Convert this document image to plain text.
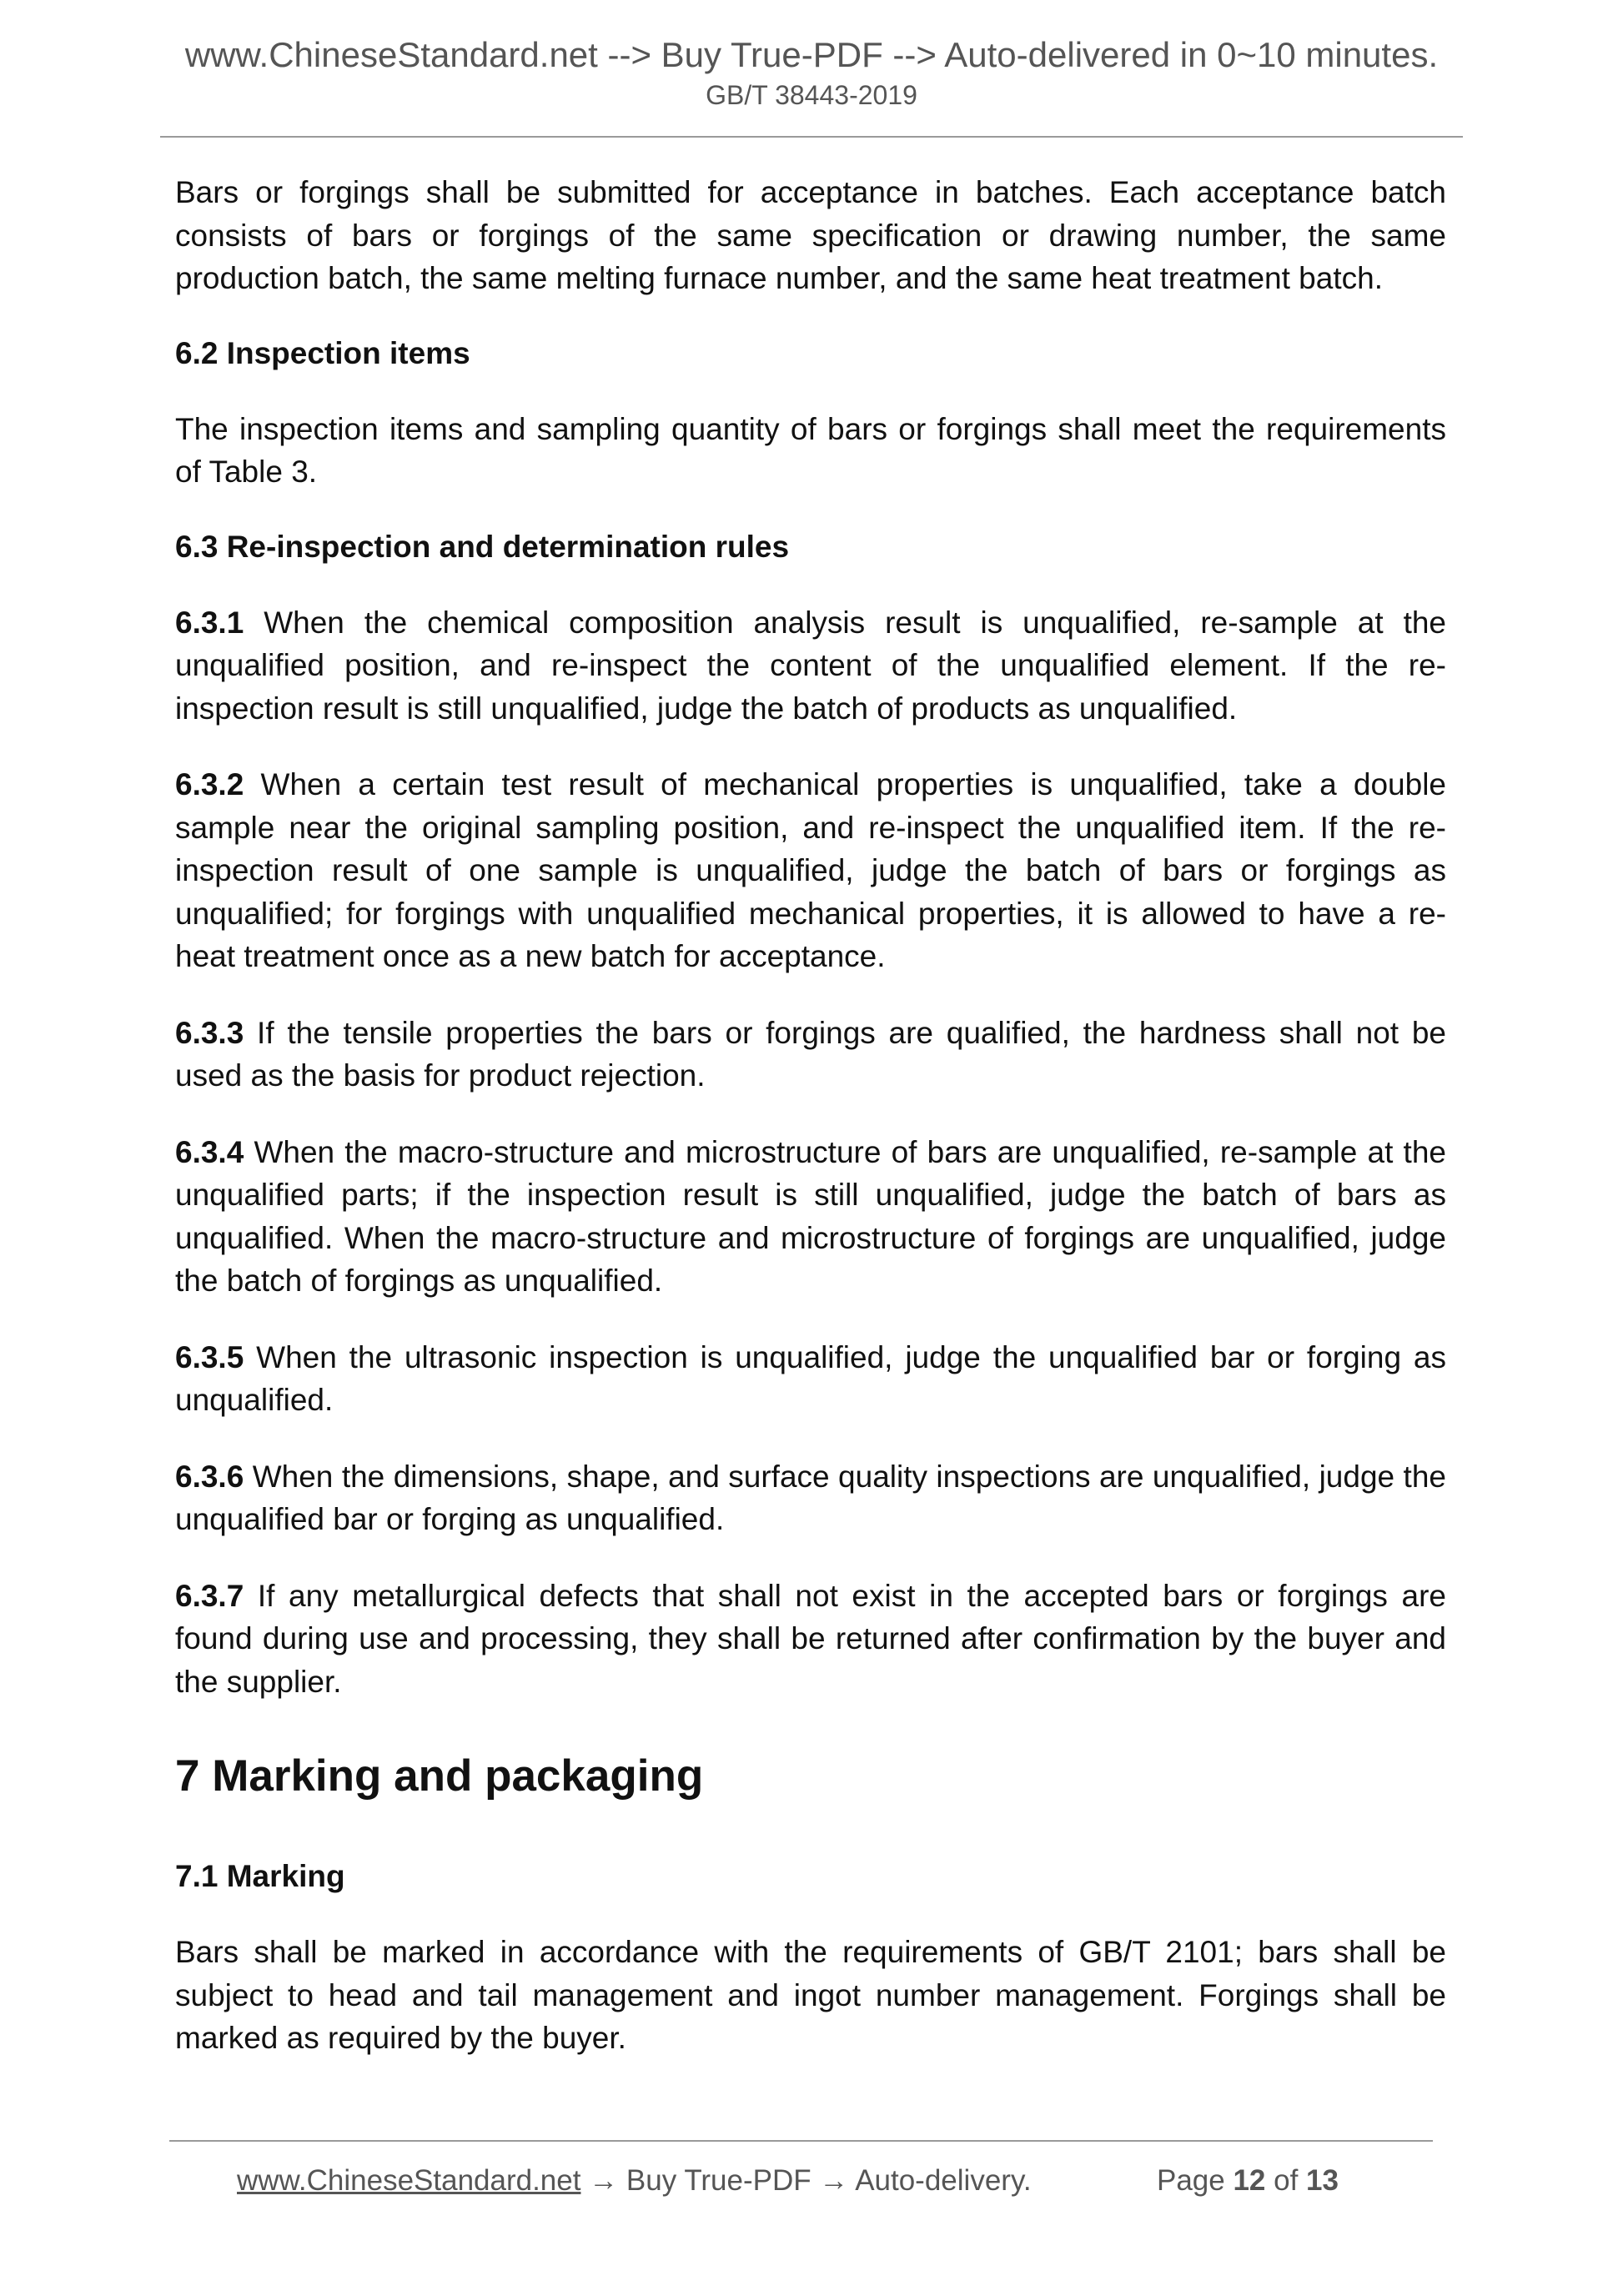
www.ChineseStandard.net --> Buy True-PDF --> Auto-delivered in 0~10 minutes.
GB/T 38443-2019

Bars or forgings shall be submitted for acceptance in batches. Each acceptance batch consists of bars or forgings of the same specification or drawing number, the same production batch, the same melting furnace number, and the same heat treatment batch.

6.2 Inspection items

The inspection items and sampling quantity of bars or forgings shall meet the requirements of Table 3.

6.3 Re-inspection and determination rules

6.3.1 When the chemical composition analysis result is unqualified, re-sample at the unqualified position, and re-inspect the content of the unqualified element. If the re-inspection result is still unqualified, judge the batch of products as unqualified.

6.3.2 When a certain test result of mechanical properties is unqualified, take a double sample near the original sampling position, and re-inspect the unqualified item. If the re-inspection result of one sample is unqualified, judge the batch of bars or forgings as unqualified; for forgings with unqualified mechanical properties, it is allowed to have a re-heat treatment once as a new batch for acceptance.

6.3.3 If the tensile properties the bars or forgings are qualified, the hardness shall not be used as the basis for product rejection.

6.3.4 When the macro-structure and microstructure of bars are unqualified, re-sample at the unqualified parts; if the inspection result is still unqualified, judge the batch of bars as unqualified. When the macro-structure and microstructure of forgings are unqualified, judge the batch of forgings as unqualified.

6.3.5 When the ultrasonic inspection is unqualified, judge the unqualified bar or forging as unqualified.

6.3.6 When the dimensions, shape, and surface quality inspections are unqualified, judge the unqualified bar or forging as unqualified.

6.3.7 If any metallurgical defects that shall not exist in the accepted bars or forgings are found during use and processing, they shall be returned after confirmation by the buyer and the supplier.

7 Marking and packaging
7.1 Marking

Bars shall be marked in accordance with the requirements of GB/T 2101; bars shall be subject to head and tail management and ingot number management. Forgings shall be marked as required by the buyer.

www.ChineseStandard.net → Buy True-PDF → Auto-delivery.	Page 12 of 13
